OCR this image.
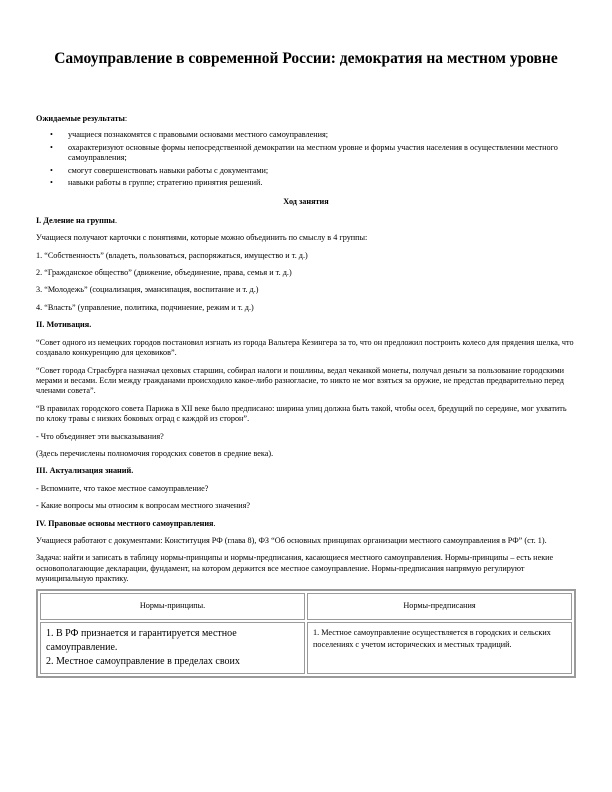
Самоуправление в современной России: демократия на местном уровне

Ожидаемые результаты:

• учащиеся познакомятся с правовыми основами местного самоуправления;
• охарактеризуют основные формы непосредственной демократии на местном уровне и формы участия населения в осуществлении местного самоуправления;
• смогут совершенствовать навыки работы с документами;
• навыки работы в группе; стратегию принятия решений.

Ход занятия

I. Деление на группы.

Учащиеся получают карточки с понятиями, которые можно объединить по смыслу в 4 группы:

1. “Собственность” (владеть, пользоваться, распоряжаться, имущество и т. д.)

2. “Гражданское общество” (движение, объединение, права, семья и т. д.)

3. “Молодежь” (социализация, эмансипация, воспитание и т. д.)

4. “Власть” (управление, политика, подчинение, режим и т. д.)

II. Мотивация.

“Совет одного из немецких городов постановил изгнать из города Вальтера Кезингера за то, что он предложил построить колесо для прядения шелка, что создавало конкуренцию для цеховиков”.

“Совет города Страсбурга назначал цеховых старшин, собирал налоги и пошлины, ведал чеканкой монеты, получал деньги за пользование городскими мерами и весами. Если между гражданами происходило какое-либо разногласие, то никто не мог взяться за оружие, не представ предварительно перед членами совета”.

“В правилах городского совета Парижа в XII веке было предписано: ширина улиц должна быть такой, чтобы осел, бредущий по середине, мог ухватить по клоку травы с низких боковых оград с каждой из сторон”.

- Что объединяет эти высказывания?

(Здесь перечислены полномочия городских советов в средние века).

III. Актуализация знаний.

- Вспомните, что такое местное самоуправление?

- Какие вопросы мы относим к вопросам местного значения?

IV. Правовые основы местного самоуправления.

Учащиеся работают с документами: Конституция РФ (глава 8), ФЗ “Об основных принципах организации местного самоуправления в РФ” (ст. 1).

Задача: найти и записать в таблицу нормы-принципы и нормы-предписания, касающиеся местного самоуправления. Нормы-принципы – есть некие основополагающие декларации, фундамент, на котором держится все местное самоуправление. Нормы-предписания напрямую регулируют муниципальную практику.

Нормы-принципы.	Нормы-предписания

1. В РФ признается и гарантируется местное самоуправление.
2. Местное самоуправление в пределах своих	1. Местное самоуправление осуществляется в городских и сельских поселениях с учетом исторических и местных традиций.
